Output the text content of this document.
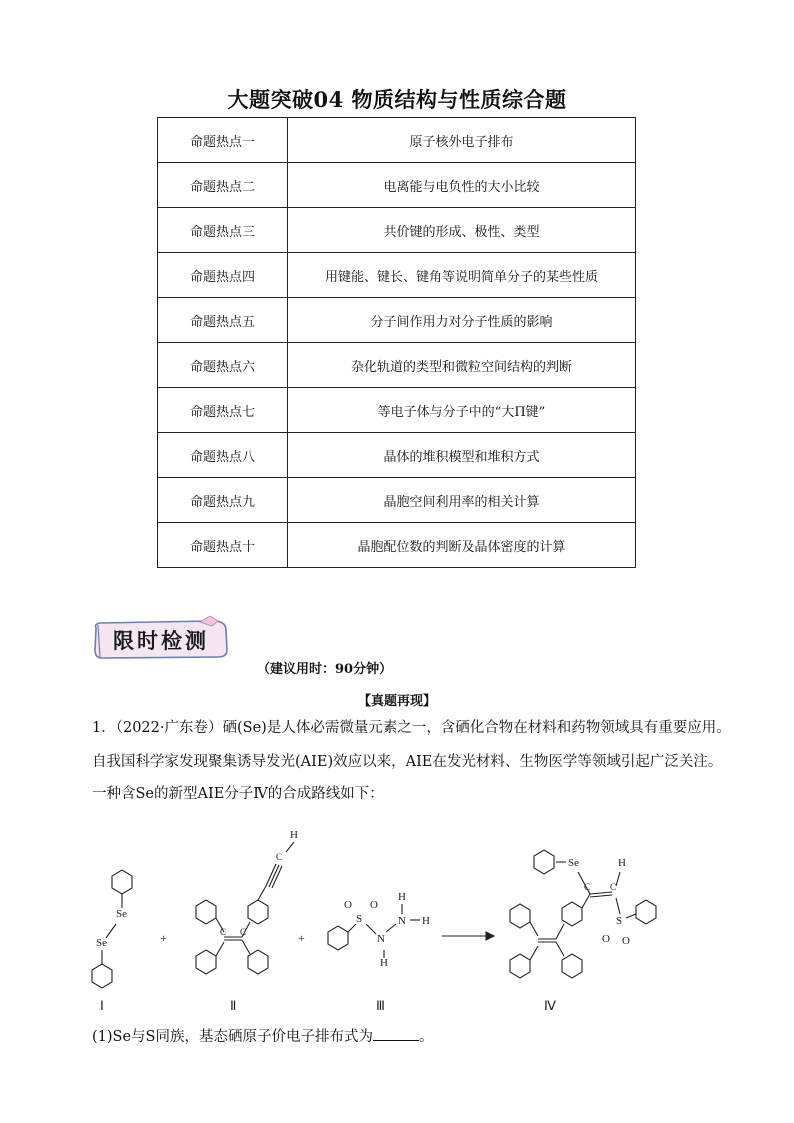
大题突破04 物质结构与性质综合题
命题热点一	原子核外电子排布
命题热点二	电离能与电负性的大小比较
命题热点三	共价键的形成、极性、类型
命题热点四	用键能、键长、键角等说明简单分子的某些性质
命题热点五	分子间作用力对分子性质的影响
命题热点六	杂化轨道的类型和微粒空间结构的判断
命题热点七	等电子体与分子中的“大Π键”
命题热点八	晶体的堆积模型和堆积方式
命题热点九	晶胞空间利用率的相关计算
命题热点十	晶胞配位数的判断及晶体密度的计算
限时检测
（建议用时：90分钟）
【真题再现】
1．（2022·广东卷）硒(Se)是人体必需微量元素之一，含硒化合物在材料和药物领域具有重要应用。
自我国科学家发现聚集诱导发光(AIE)效应以来，AIE在发光材料、生物医学等领域引起广泛关注。
一种含Se的新型AIE分子Ⅳ的合成路线如下：
Se
Se
Ⅰ
+	C C
C
H
Ⅱ
+
S
O O
N
H
N
H
H
Ⅲ
C C
Se	H
S
O O
Ⅳ
(1)Se与S同族，基态硒原子价电子排布式为	。
